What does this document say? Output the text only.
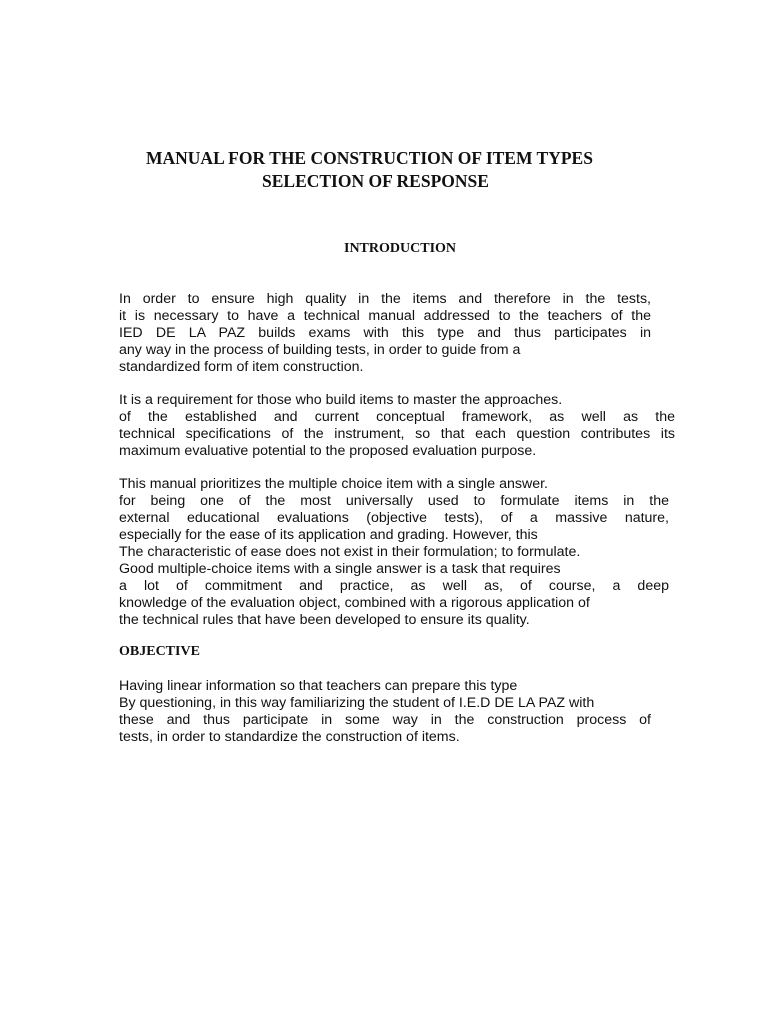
MANUAL FOR THE CONSTRUCTION OF ITEM TYPES
SELECTION OF RESPONSE
INTRODUCTION
In order to ensure high quality in the items and therefore in the tests,
it is necessary to have a technical manual addressed to the teachers of the
IED DE LA PAZ builds exams with this type and thus participates in
any way in the process of building tests, in order to guide from a
standardized form of item construction.
It is a requirement for those who build items to master the approaches.
of the established and current conceptual framework, as well as the
technical specifications of the instrument, so that each question contributes its
maximum evaluative potential to the proposed evaluation purpose.
This manual prioritizes the multiple choice item with a single answer.
for being one of the most universally used to formulate items in the
external educational evaluations (objective tests), of a massive nature,
especially for the ease of its application and grading. However, this
The characteristic of ease does not exist in their formulation; to formulate.
Good multiple-choice items with a single answer is a task that requires
a lot of commitment and practice, as well as, of course, a deep
knowledge of the evaluation object, combined with a rigorous application of
the technical rules that have been developed to ensure its quality.
OBJECTIVE
Having linear information so that teachers can prepare this type
By questioning, in this way familiarizing the student of I.E.D DE LA PAZ with
these and thus participate in some way in the construction process of
tests, in order to standardize the construction of items.
